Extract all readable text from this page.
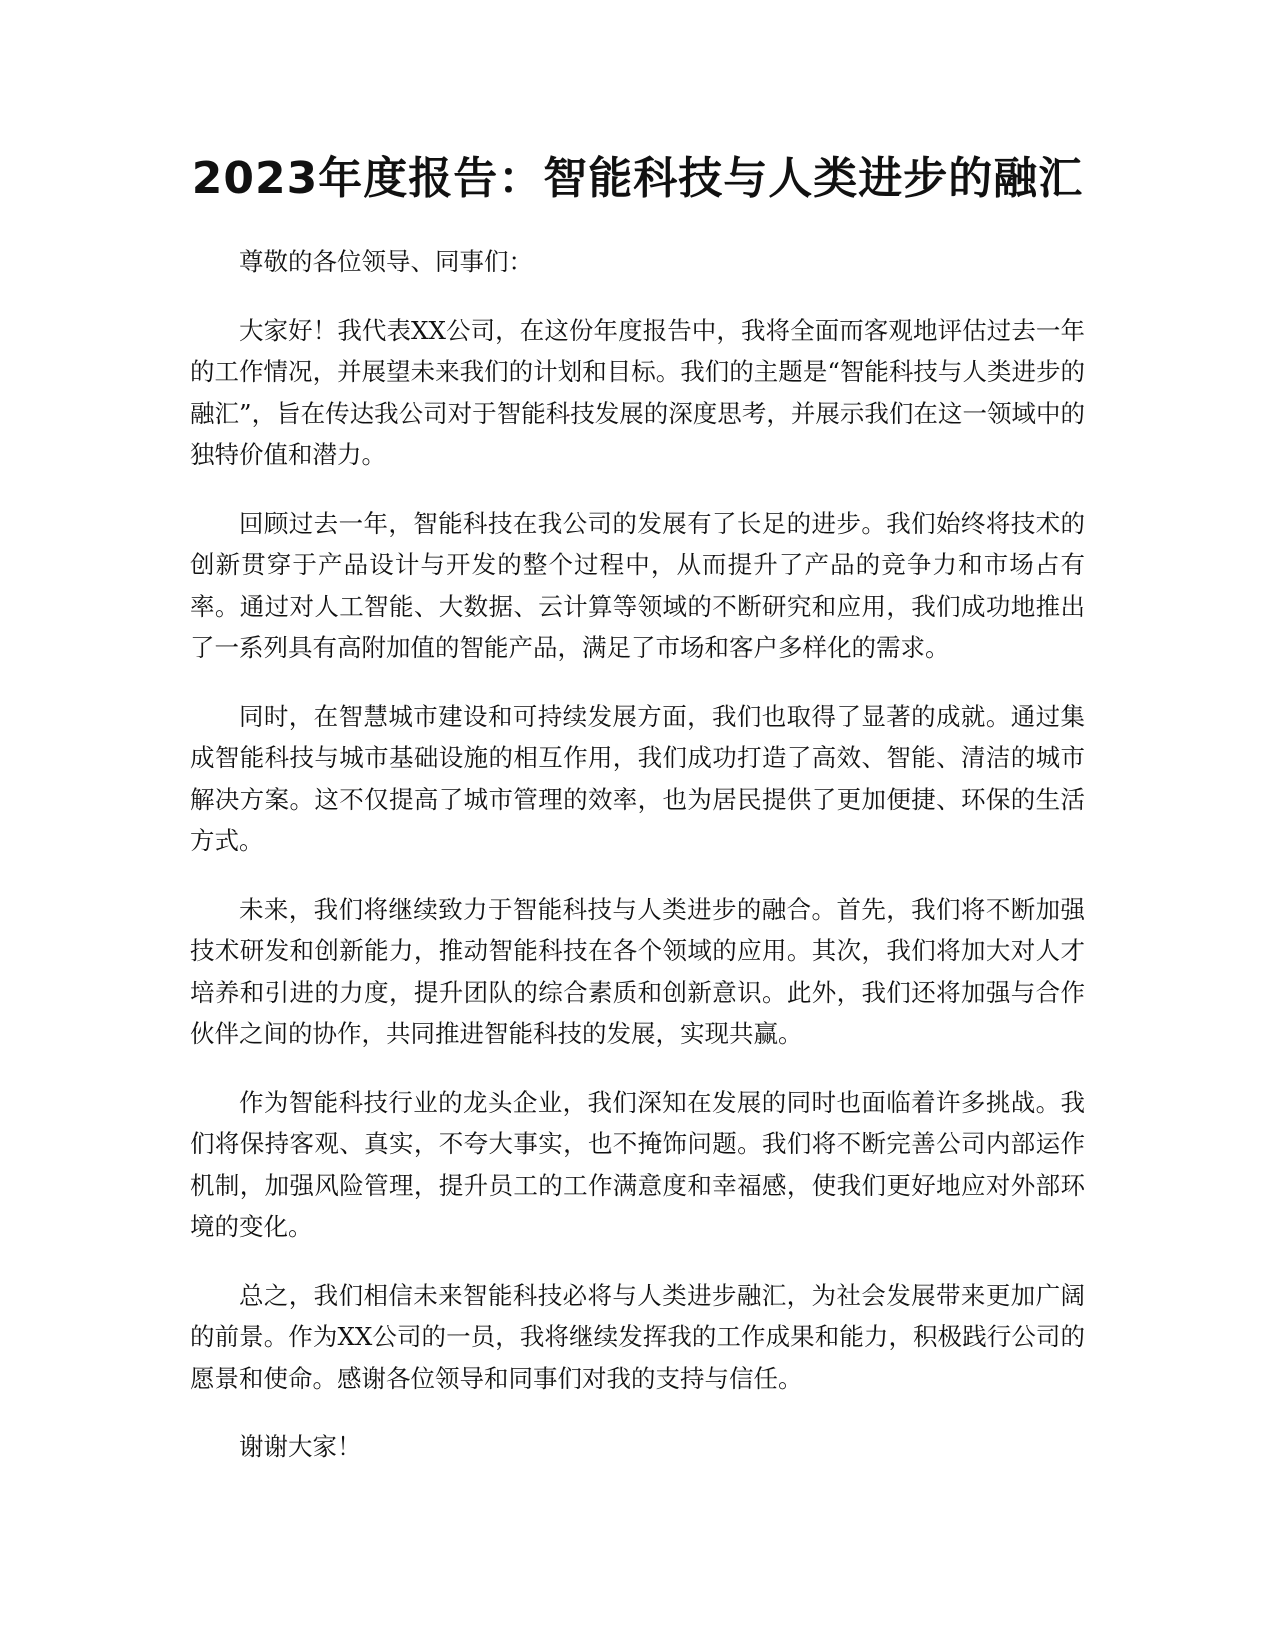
2023年度报告：智能科技与人类进步的融汇

尊敬的各位领导、同事们：

大家好！我代表XX公司，在这份年度报告中，我将全面而客观地评估过去一年的工作情况，并展望未来我们的计划和目标。我们的主题是“智能科技与人类进步的融汇”，旨在传达我公司对于智能科技发展的深度思考，并展示我们在这一领域中的独特价值和潜力。

回顾过去一年，智能科技在我公司的发展有了长足的进步。我们始终将技术的创新贯穿于产品设计与开发的整个过程中，从而提升了产品的竞争力和市场占有率。通过对人工智能、大数据、云计算等领域的不断研究和应用，我们成功地推出了一系列具有高附加值的智能产品，满足了市场和客户多样化的需求。

同时，在智慧城市建设和可持续发展方面，我们也取得了显著的成就。通过集成智能科技与城市基础设施的相互作用，我们成功打造了高效、智能、清洁的城市解决方案。这不仅提高了城市管理的效率，也为居民提供了更加便捷、环保的生活方式。

未来，我们将继续致力于智能科技与人类进步的融合。首先，我们将不断加强技术研发和创新能力，推动智能科技在各个领域的应用。其次，我们将加大对人才培养和引进的力度，提升团队的综合素质和创新意识。此外，我们还将加强与合作伙伴之间的协作，共同推进智能科技的发展，实现共赢。

作为智能科技行业的龙头企业，我们深知在发展的同时也面临着许多挑战。我们将保持客观、真实，不夸大事实，也不掩饰问题。我们将不断完善公司内部运作机制，加强风险管理，提升员工的工作满意度和幸福感，使我们更好地应对外部环境的变化。

总之，我们相信未来智能科技必将与人类进步融汇，为社会发展带来更加广阔的前景。作为XX公司的一员，我将继续发挥我的工作成果和能力，积极践行公司的愿景和使命。感谢各位领导和同事们对我的支持与信任。

谢谢大家！
